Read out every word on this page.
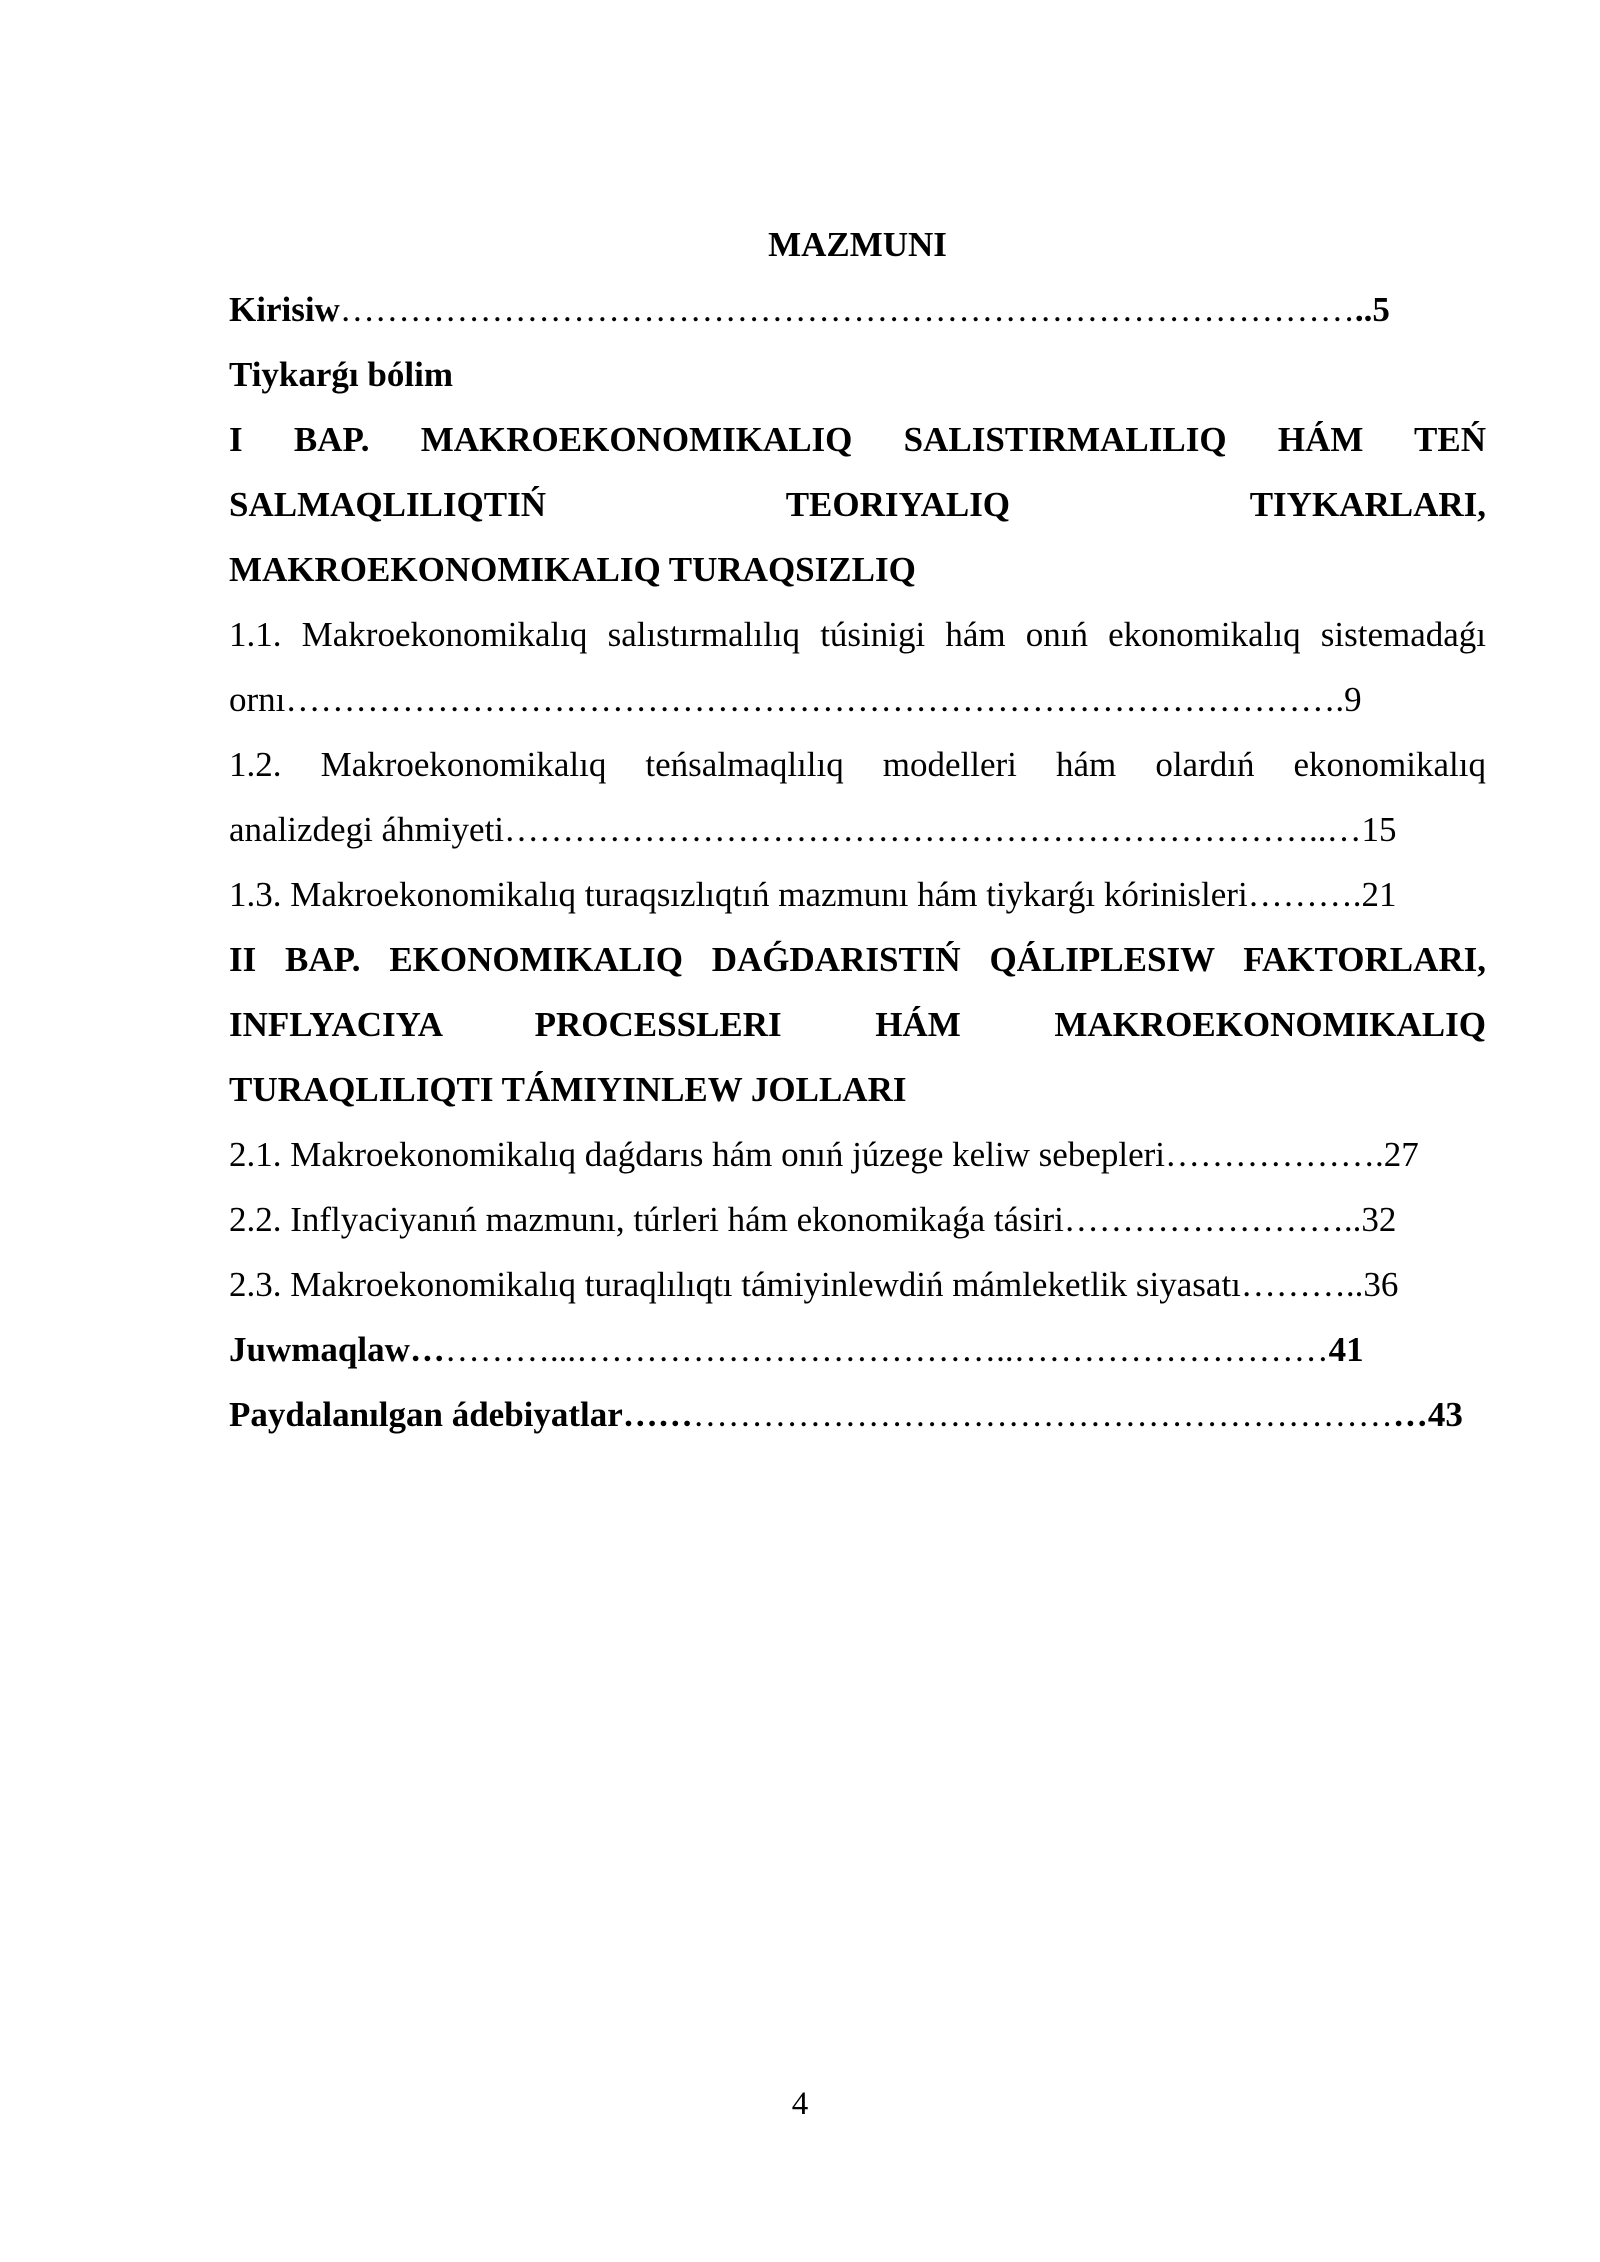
MAZMUNI
Kirisiw……………………………………………………………………………..5
Tiykarǵı bólim
I BAP. MAKROEKONOMIKALIQ SALISTIRMALILIQ HÁM TEŃ
SALMAQLILIQTIŃ TEORIYALIQ TIYKARLARI,
MAKROEKONOMIKALIQ TURAQSIZLIQ
1.1. Makroekonomikalıq salıstırmalılıq túsinigi hám onıń ekonomikalıq sistemadaǵı
ornı……………………………………………………………………………….9
1.2. Makroekonomikalıq teńsalmaqlılıq modelleri hám olardıń ekonomikalıq
analizdegi áhmiyeti……………………………………………………………..…15
1.3. Makroekonomikalıq turaqsızlıqtıń mazmunı hám tiykarǵı kórinisleri……….21
II BAP. EKONOMIKALIQ DAǴDARISTIŃ QÁLIPLESIW FAKTORLARI,
INFLYACIYA PROCESSLERI HÁM MAKROEKONOMIKALIQ
TURAQLILIQTI TÁMIYINLEW JOLLARI
2.1. Makroekonomikalıq daǵdarıs hám onıń júzege keliw sebepleri……………….27
2.2. Inflyaciyanıń mazmunı, túrleri hám ekonomikaǵa tásiri……………………..32
2.3. Makroekonomikalıq turaqlılıqtı támiyinlewdiń mámleketlik siyasatı………..36
Juwmaqlaw…………...………………………………..………………………41
Paydalanılgan ádebiyatlar……………………………………………………………43
4
